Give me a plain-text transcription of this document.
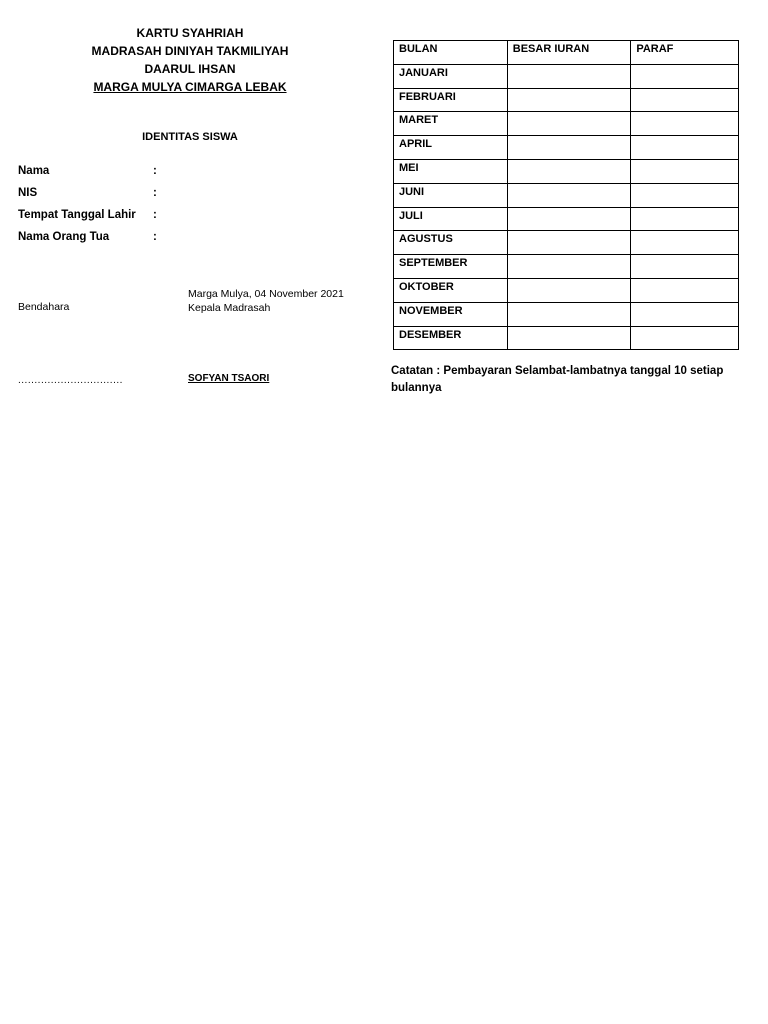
KARTU SYAHRIAH
MADRASAH DINIYAH TAKMILIYAH
DAARUL IHSAN
MARGA MULYA CIMARGA LEBAK
IDENTITAS SISWA
Nama	:
NIS	:
Tempat Tanggal Lahir :
Nama Orang Tua	:
Bendahara
Marga Mulya, 04 November 2021
Kepala Madrasah
................................	SOFYAN TSAORI
BULAN	BESAR IURAN	PARAF
JANUARI		
FEBRUARI		
MARET		
APRIL		
MEI		
JUNI		
JULI		
AGUSTUS		
SEPTEMBER		
OKTOBER		
NOVEMBER		
DESEMBER		
Catatan : Pembayaran Selambat-lambatnya tanggal 10 setiap bulannya
